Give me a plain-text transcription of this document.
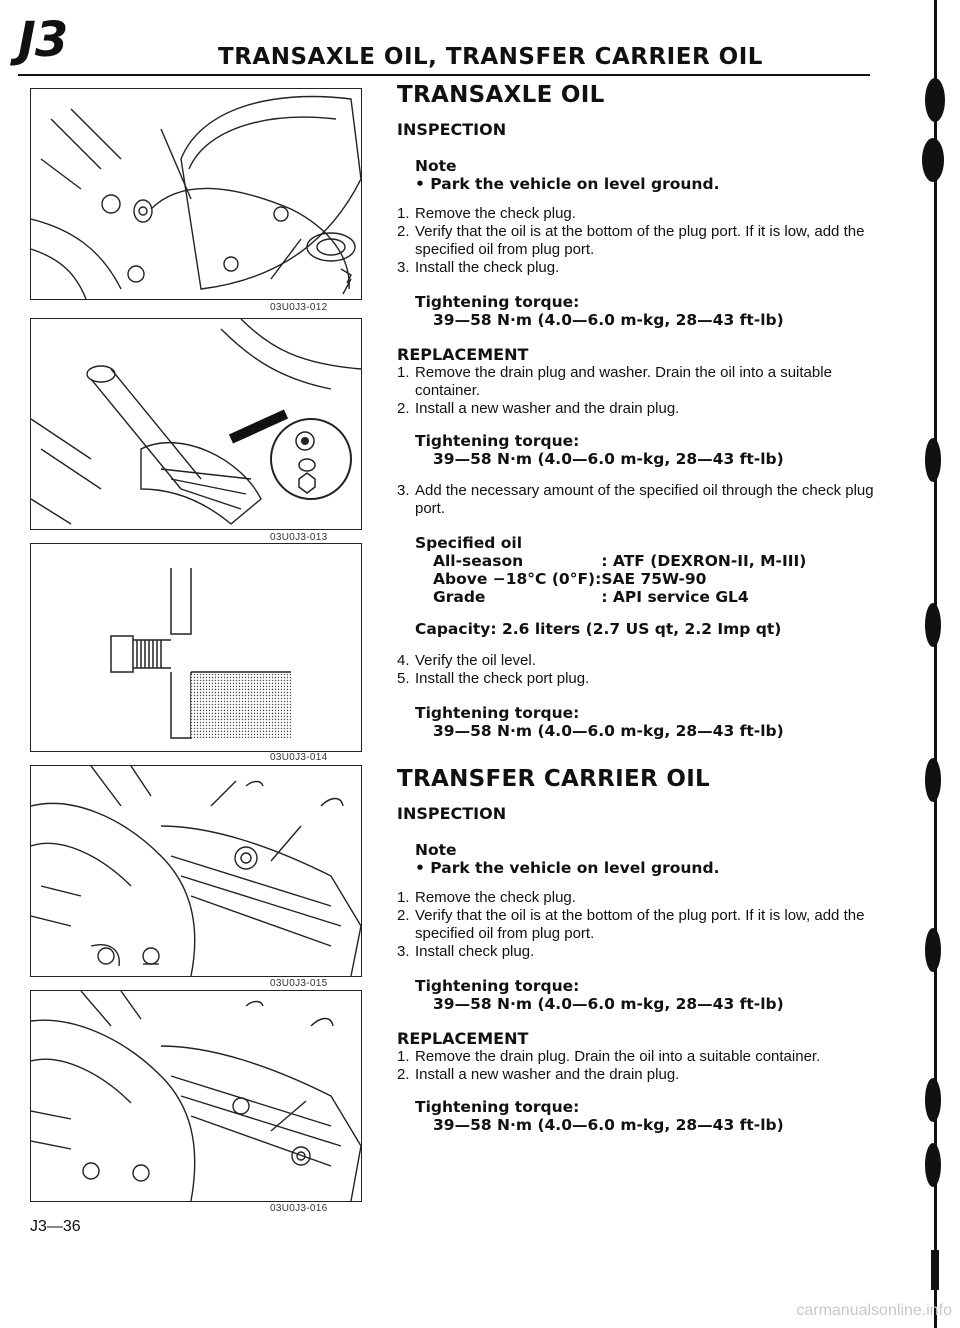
J3	TRANSAXLE OIL, TRANSFER CARRIER OIL
03U0J3-012
03U0J3-013
03U0J3-014
03U0J3-015
03U0J3-016
TRANSAXLE OIL
INSPECTION
Note
• Park the vehicle on level ground.
1. Remove the check plug.
2. Verify that the oil is at the bottom of the plug port. If it is low, add the specified oil from plug port.
3. Install the check plug.
Tightening torque:
39—58 N·m (4.0—6.0 m-kg, 28—43 ft-lb)
REPLACEMENT
1. Remove the drain plug and washer. Drain the oil into a suitable container.
2. Install a new washer and the drain plug.
Tightening torque:
39—58 N·m (4.0—6.0 m-kg, 28—43 ft-lb)
3. Add the necessary amount of the specified oil through the check plug port.
Specified oil
All-season	: ATF (DEXRON-II, M-III)
Above −18°C (0°F):	SAE 75W-90
Grade	: API service GL4
Capacity: 2.6 liters (2.7 US qt, 2.2 Imp qt)
4. Verify the oil level.
5. Install the check port plug.
Tightening torque:
39—58 N·m (4.0—6.0 m-kg, 28—43 ft-lb)
TRANSFER CARRIER OIL
INSPECTION
Note
• Park the vehicle on level ground.
1. Remove the check plug.
2. Verify that the oil is at the bottom of the plug port. If it is low, add the specified oil from plug port.
3. Install check plug.
Tightening torque:
39—58 N·m (4.0—6.0 m-kg, 28—43 ft-lb)
REPLACEMENT
1. Remove the drain plug. Drain the oil into a suitable container.
2. Install a new washer and the drain plug.
Tightening torque:
39—58 N·m (4.0—6.0 m-kg, 28—43 ft-lb)
J3—36
carmanualsonline.info
